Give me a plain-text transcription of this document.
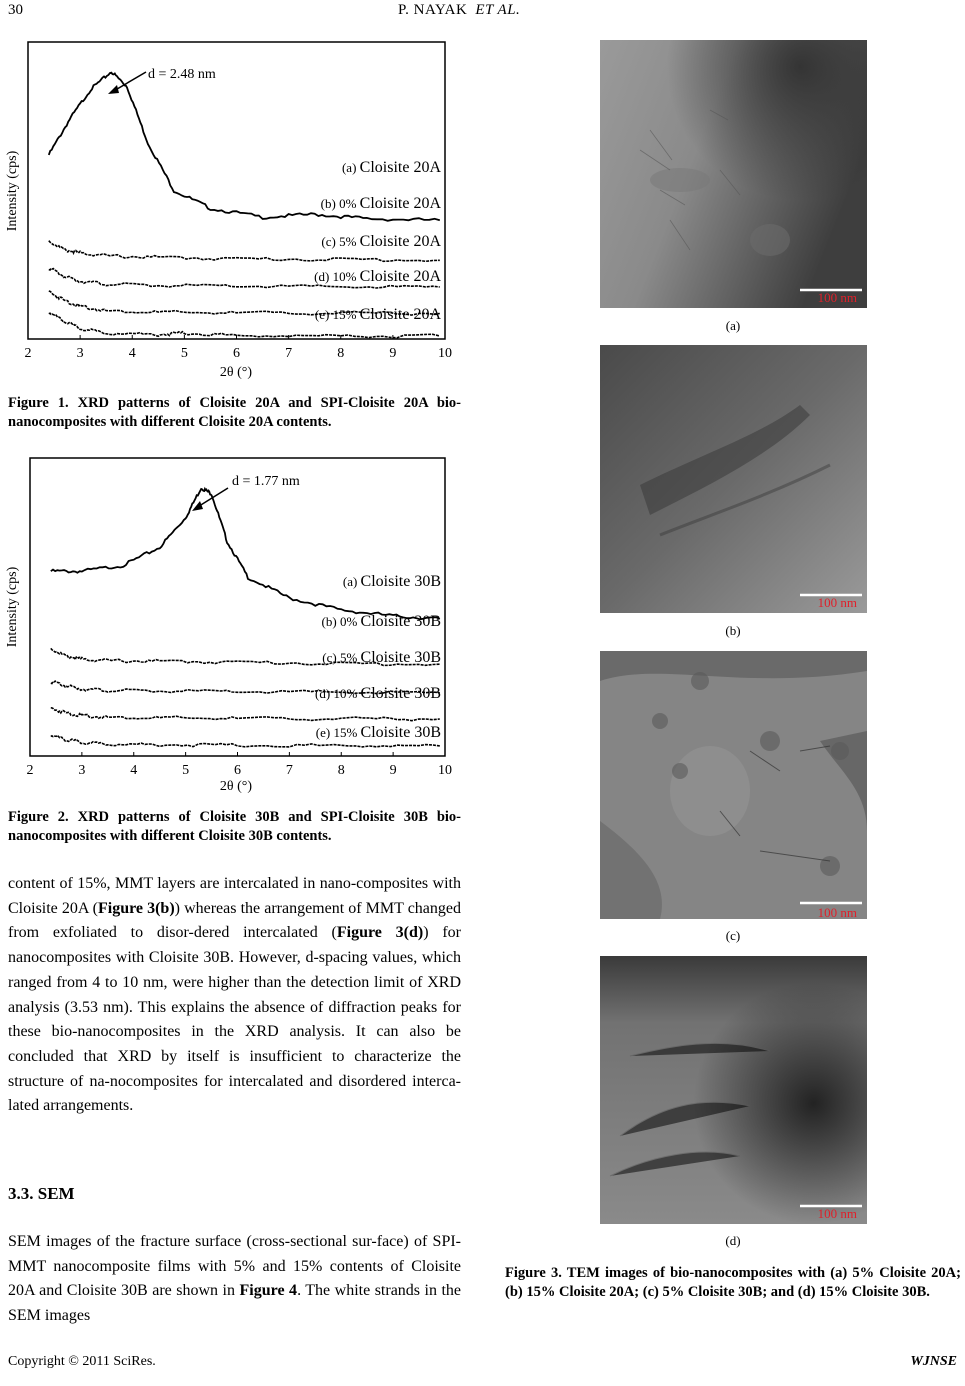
30	P. NAYAK ET AL.
2	3	4	5	6	7	8	9	10
2θ (°)
Intensity (cps)
d = 2.48 nm
(a) Cloisite 20A
(b) 0% Cloisite 20A
(c) 5% Cloisite 20A
(d) 10% Cloisite 20A
(e) 15% Cloisite 20A
Figure 1. XRD patterns of Cloisite 20A and SPI-Cloisite 20A bio-nanocomposites with different Cloisite 20A contents.
2	3	4	5	6	7	8	9	10
2θ (°)
Intensity (cps)
d = 1.77 nm
(a) Cloisite 30B
(b) 0% Cloisite 30B
(c) 5% Cloisite 30B
(d) 10% Cloisite 30B
(e) 15% Cloisite 30B
Figure 2. XRD patterns of Cloisite 30B and SPI-Cloisite 30B bio-nanocomposites with different Cloisite 30B contents.
content of 15%, MMT layers are intercalated in nano-composites with Cloisite 20A (Figure 3(b)) whereas the arrangement of MMT changed from exfoliated to disor-dered intercalated (Figure 3(d)) for nanocomposites with Cloisite 30B. However, d-spacing values, which ranged from 4 to 10 nm, were higher than the detection limit of XRD analysis (3.53 nm). This explains the absence of diffraction peaks for these bio-nanocomposites in the XRD analysis. It can also be concluded that XRD by itself is insufficient to characterize the structure of na-nocomposites for intercalated and disordered interca-lated arrangements.
3.3. SEM
SEM images of the fracture surface (cross-sectional sur-face) of SPI-MMT nanocomposite films with 5% and 15% contents of Cloisite 20A and Cloisite 30B are shown in Figure 4. The white strands in the SEM images
100 nm
(a)
100 nm
(b)
100 nm
(c)
100 nm
(d)
Figure 3. TEM images of bio-nanocomposites with (a) 5% Cloisite 20A; (b) 15% Cloisite 20A; (c) 5% Cloisite 30B; and (d) 15% Cloisite 30B.
Copyright © 2011 SciRes.	WJNSE
